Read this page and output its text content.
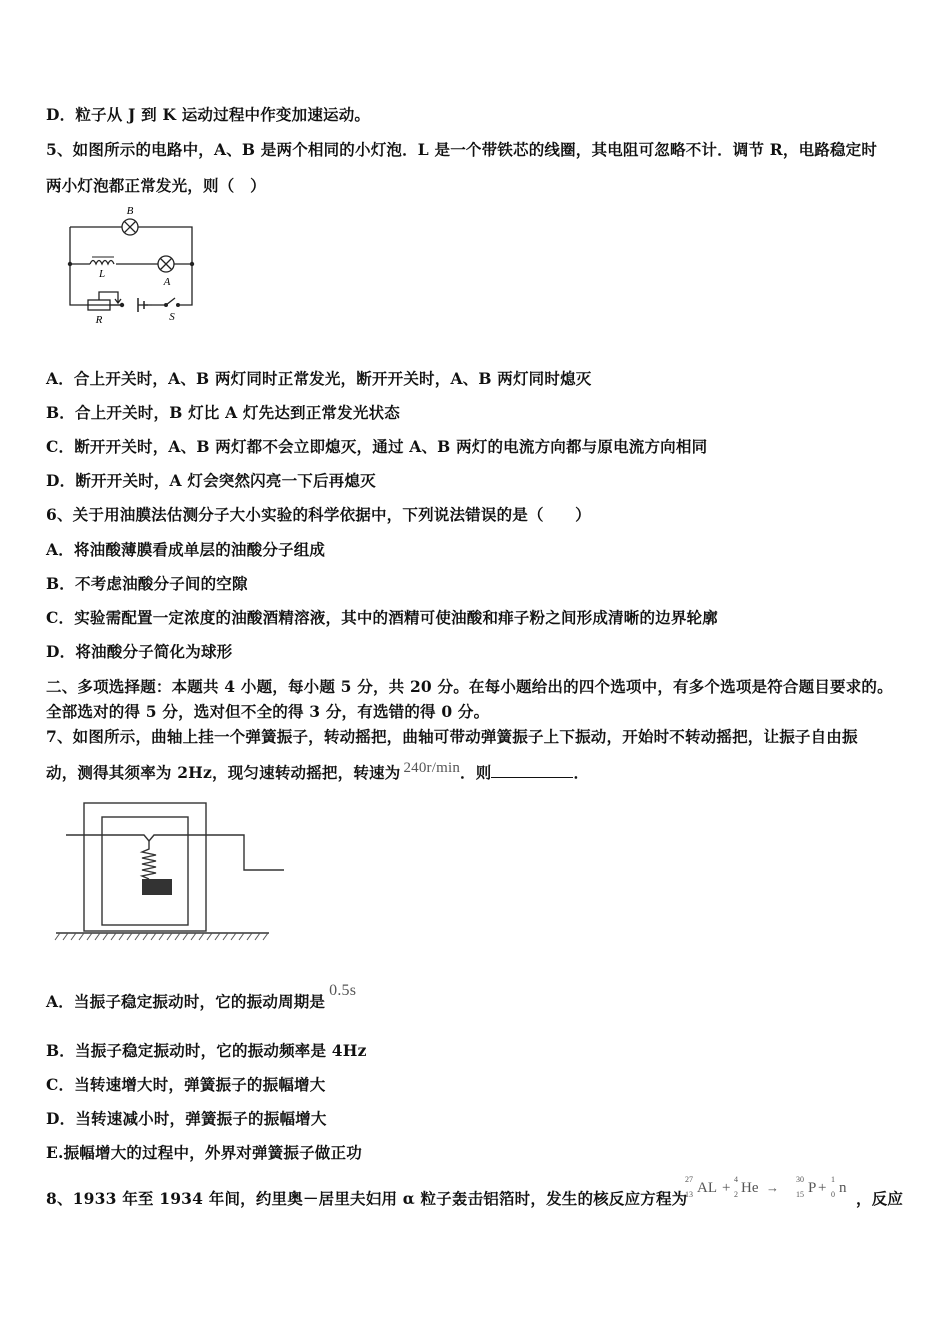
D．粒子从 J 到 K 运动过程中作变加速运动。
5、如图所示的电路中，A、B 是两个相同的小灯泡．L 是一个带铁芯的线圈，其电阻可忽略不计．调节 R，电路稳定时
两小灯泡都正常发光，则（　）
B
L
A
R	S
A．合上开关时，A、B 两灯同时正常发光，断开开关时，A、B 两灯同时熄灭
B．合上开关时，B 灯比 A 灯先达到正常发光状态
C．断开开关时，A、B 两灯都不会立即熄灭，通过 A、B 两灯的电流方向都与原电流方向相同
D．断开开关时，A 灯会突然闪亮一下后再熄灭
6、关于用油膜法估测分子大小实验的科学依据中，下列说法错误的是（　　）
A．将油酸薄膜看成单层的油酸分子组成
B．不考虑油酸分子间的空隙
C．实验需配置一定浓度的油酸酒精溶液，其中的酒精可使油酸和痱子粉之间形成清晰的边界轮廓
D．将油酸分子简化为球形
二、多项选择题：本题共 4 小题，每小题 5 分，共 20 分。在每小题给出的四个选项中，有多个选项是符合题目要求的。
全部选对的得 5 分，选对但不全的得 3 分，有选错的得 0 分。
7、如图所示，曲轴上挂一个弹簧振子，转动摇把，曲轴可带动弹簧振子上下振动，开始时不转动摇把，让振子自由振
动，测得其须率为 2Hz，现匀速转动摇把，转速为 240r/min．则	．
A．当振子稳定振动时，它的振动周期是0.5s
B．当振子稳定振动时，它的振动频率是 4Hz
C．当转速增大时，弹簧振子的振幅增大
D．当转速减小时，弹簧振子的振幅增大
E.振幅增大的过程中，外界对弹簧振子做正功
8、1933 年至 1934 年间，约里奥－居里夫妇用 α 粒子轰击铝箔时，发生的核反应方程为
27
13 AL +
4
2 He →
30
15 P +
1
0 n
，反应
